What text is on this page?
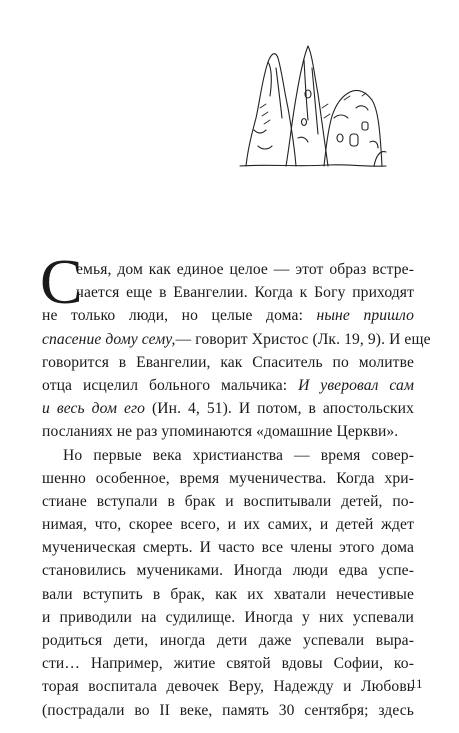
С
емья, дом как единое целое — этот образ встре-
чается еще в Евангелии. Когда к Богу приходят
не только люди, но целые дома: ныне пришло
спасение дому сему,— говорит Христос (Лк. 19, 9). И еще
говорится в Евангелии, как Спаситель по молитве
отца исцелил больного мальчика: И уверовал сам
и весь дом его (Ин. 4, 51). И потом, в апостольских
посланиях не раз упоминаются «домашние Церкви».
Но первые века христианства — время совер-
шенно особенное, время мученичества. Когда хри-
стиане вступали в брак и воспитывали детей, по-
нимая, что, скорее всего, и их самих, и детей ждет
мученическая смерть. И часто все члены этого дома
становились мучениками. Иногда люди едва успе-
вали вступить в брак, как их хватали нечестивые
и приводили на судилище. Иногда у них успевали
родиться дети, иногда дети даже успевали выра-
сти… Например, житие святой вдовы Софии, ко-
торая воспитала девочек Веру, Надежду и Любовь
(пострадали во II веке, память 30 сентября; здесь
11
